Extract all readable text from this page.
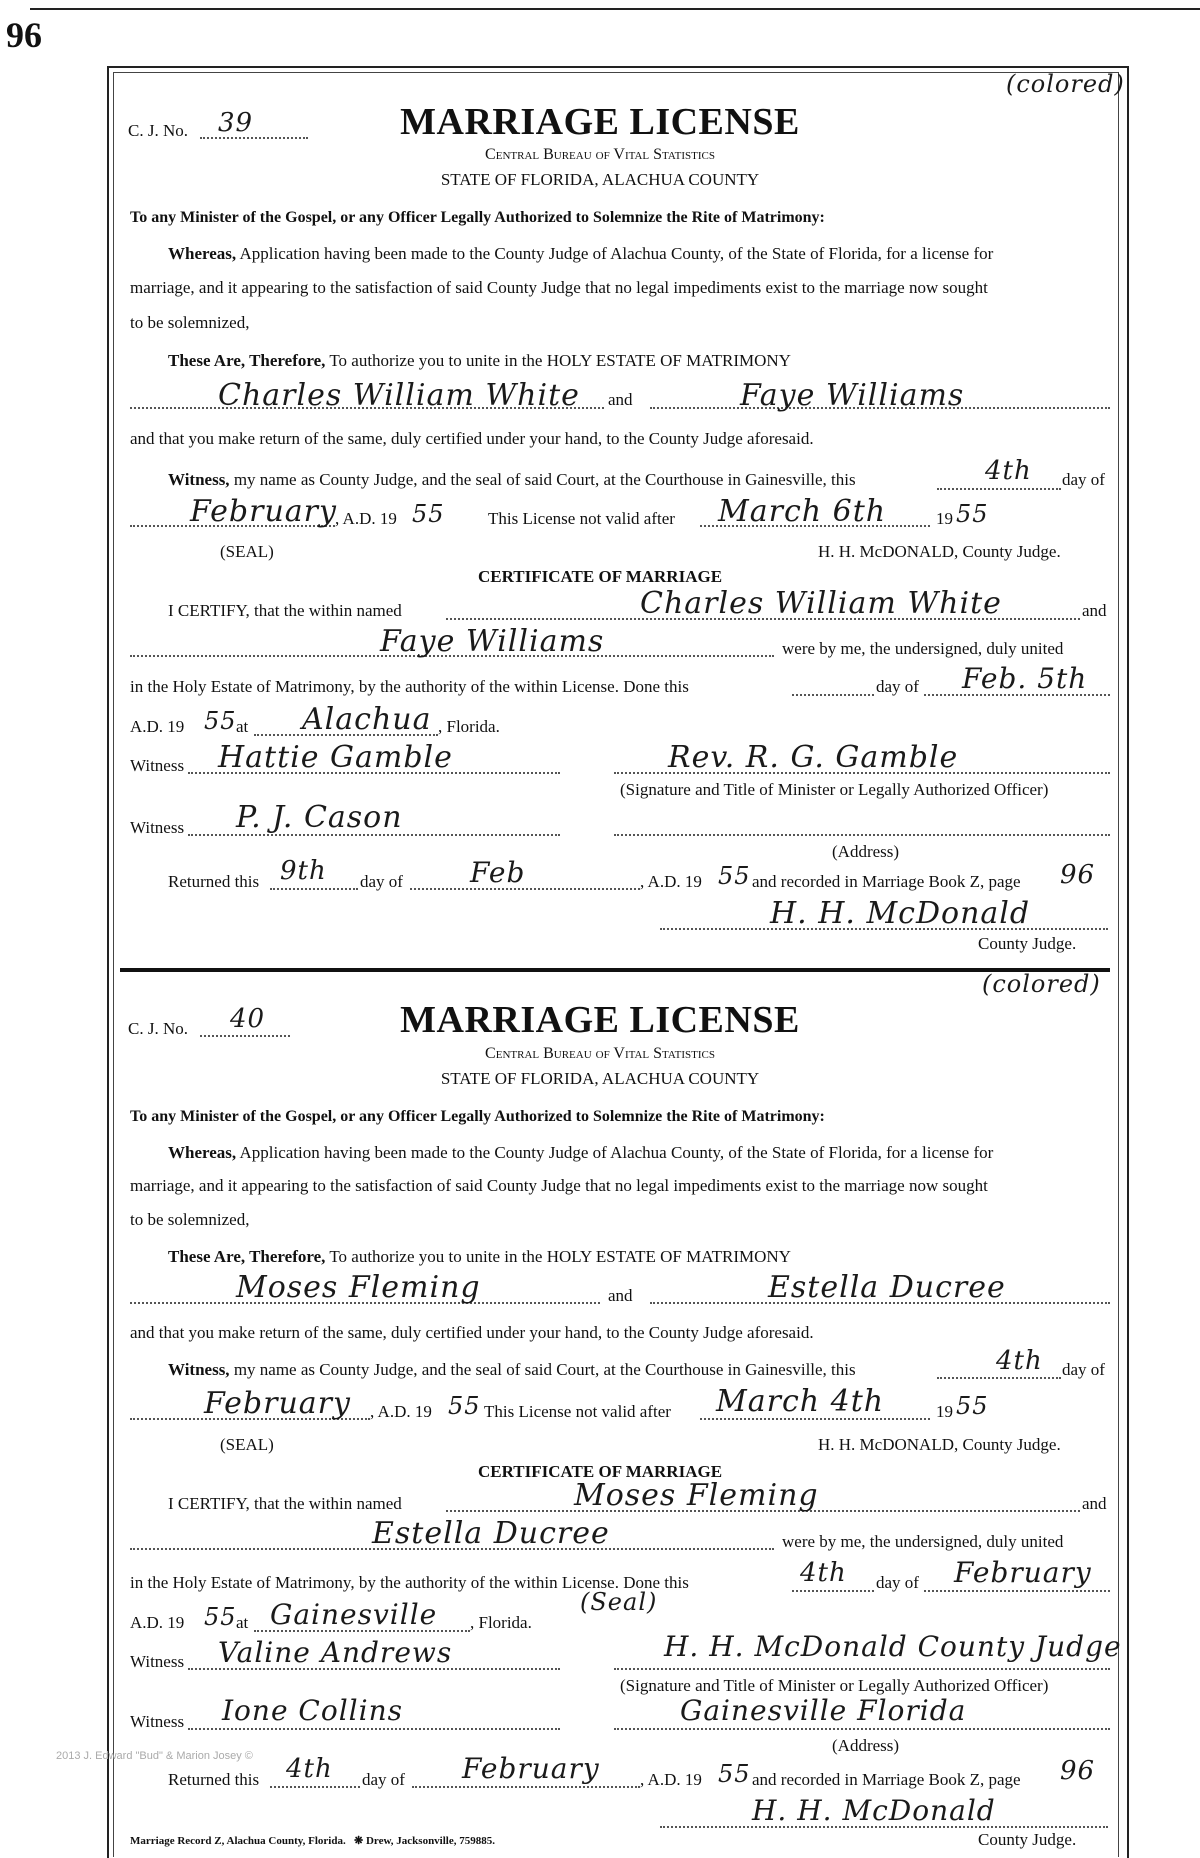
96
(colored)
C. J. No. 39	MARRIAGE LICENSE
Central Bureau of Vital Statistics
STATE OF FLORIDA, ALACHUA COUNTY
To any Minister of the Gospel, or any Officer Legally Authorized to Solemnize the Rite of Matrimony:
Whereas, Application having been made to the County Judge of Alachua County, of the State of Florida, for a license for
marriage, and it appearing to the satisfaction of said County Judge that no legal impediments exist to the marriage now sought
to be solemnized,
These Are, Therefore, To authorize you to unite in the HOLY ESTATE OF MATRIMONY
Charles William White and	Faye Williams
and that you make return of the same, duly certified under your hand, to the County Judge aforesaid.
Witness, my name as County Judge, and the seal of said Court, at the Courthouse in Gainesville, this	4th day of
February
, A.D. 19 55	This License not valid after March 6th	19 55
(SEAL)	H. H. McDONALD, County Judge.
CERTIFICATE OF MARRIAGE
I CERTIFY, that the within named	Charles William White	and
Faye Williams	were by me, the undersigned, duly united
in the Holy Estate of Matrimony, by the authority of the within License. Done this	day of Feb. 5th
A.D. 19 55 at Alachua , Florida.
Witness Hattie Gamble	Rev. R. G. Gamble
(Signature and Title of Minister or Legally Authorized Officer)
Witness P. J. Cason
(Address)
Returned this 9th day of Feb	, A.D. 19 55 and recorded in Marriage Book Z, page 96
H. H. McDonald
County Judge.
(colored)
C. J. No. 40	MARRIAGE LICENSE
Central Bureau of Vital Statistics
STATE OF FLORIDA, ALACHUA COUNTY
To any Minister of the Gospel, or any Officer Legally Authorized to Solemnize the Rite of Matrimony:
Whereas, Application having been made to the County Judge of Alachua County, of the State of Florida, for a license for
marriage, and it appearing to the satisfaction of said County Judge that no legal impediments exist to the marriage now sought
to be solemnized,
These Are, Therefore, To authorize you to unite in the HOLY ESTATE OF MATRIMONY
Moses Fleming	and	Estella Ducree
and that you make return of the same, duly certified under your hand, to the County Judge aforesaid.
Witness, my name as County Judge, and the seal of said Court, at the Courthouse in Gainesville, this	4th day of
February , A.D. 19 55 This License not valid after March 4th	19 55
(SEAL)	H. H. McDONALD, County Judge.
CERTIFICATE OF MARRIAGE
I CERTIFY, that the within named	Moses Fleming	and
Estella Ducree	were by me, the undersigned, duly united
in the Holy Estate of Matrimony, by the authority of the within License. Done this	4th day of February
A.D. 19 55 at Gainesville , Florida.
(Seal)
Witness Valine Andrews	H. H. McDonald County Judge
(Signature and Title of Minister or Legally Authorized Officer)
Witness Ione Collins	Gainesville Florida
(Address)
2013 J. Edward "Bud" & Marion Josey ©
Returned this 4th day of February , A.D. 19 55 and recorded in Marriage Book Z, page 96
H. H. McDonald
County Judge.
Marriage Record Z, Alachua County, Florida. ❋ Drew, Jacksonville, 759885.
